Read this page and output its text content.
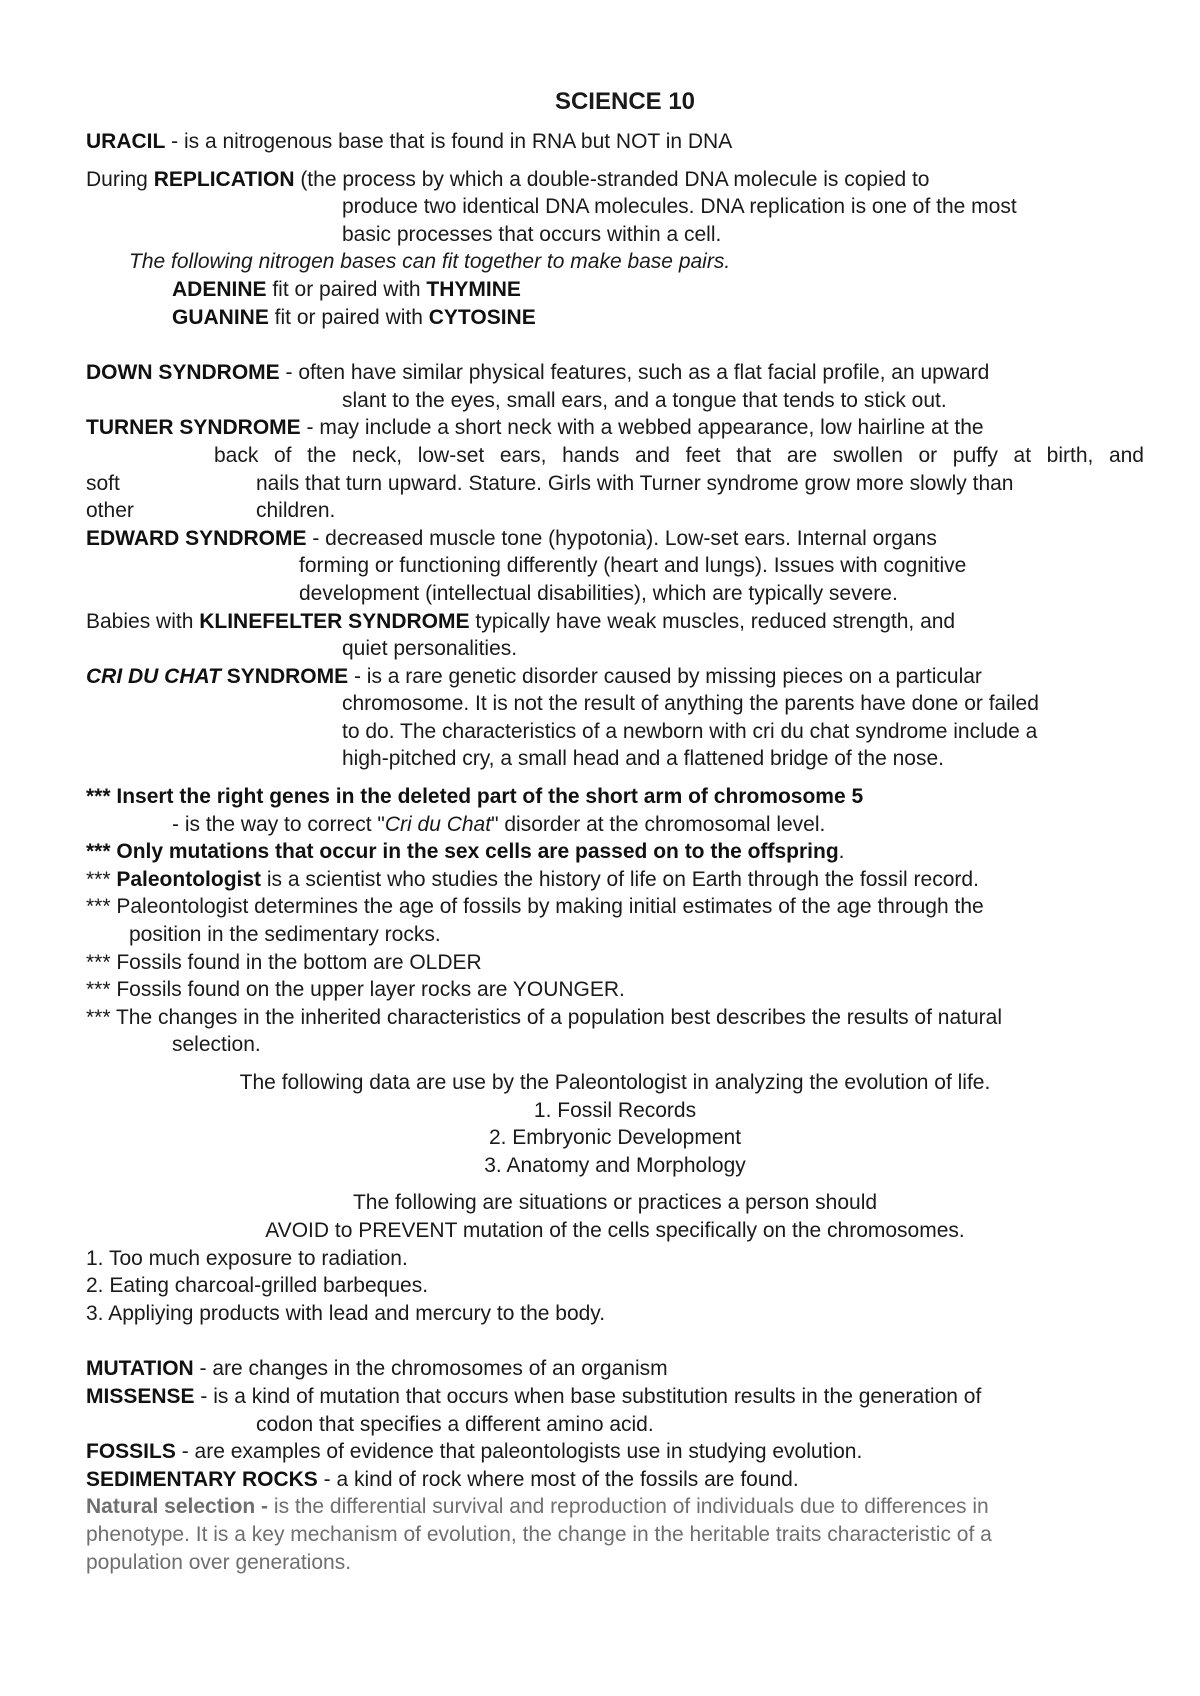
SCIENCE 10

URACIL - is a nitrogenous base that is found in RNA but NOT in DNA

During REPLICATION (the process by which a double-stranded DNA molecule is copied to

produce two identical DNA molecules. DNA replication is one of the most

basic processes that occurs within a cell.

The following nitrogen bases can fit together to make base pairs.

ADENINE fit or paired with THYMINE

GUANINE fit or paired with CYTOSINE

DOWN SYNDROME - often have similar physical features, such as a flat facial profile, an upward

slant to the eyes, small ears, and a tongue that tends to stick out.

TURNER SYNDROME - may include a short neck with a webbed appearance, low hairline at the

back of the neck, low-set ears, hands and feet that are swollen or puffy at birth, and

soft	nails that turn upward. Stature. Girls with Turner syndrome grow more slowly than
other	children.

EDWARD SYNDROME - decreased muscle tone (hypotonia). Low-set ears. Internal organs

forming or functioning differently (heart and lungs). Issues with cognitive

development (intellectual disabilities), which are typically severe.

Babies with KLINEFELTER SYNDROME typically have weak muscles, reduced strength, and

quiet personalities.

CRI DU CHAT SYNDROME - is a rare genetic disorder caused by missing pieces on a particular

chromosome. It is not the result of anything the parents have done or failed

to do. The characteristics of a newborn with cri du chat syndrome include a

high-pitched cry, a small head and a flattened bridge of the nose.

*** Insert the right genes in the deleted part of the short arm of chromosome 5

- is the way to correct "Cri du Chat" disorder at the chromosomal level.

*** Only mutations that occur in the sex cells are passed on to the offspring.

*** Paleontologist is a scientist who studies the history of life on Earth through the fossil record.

*** Paleontologist determines the age of fossils by making initial estimates of the age through the

position in the sedimentary rocks.

*** Fossils found in the bottom are OLDER

*** Fossils found on the upper layer rocks are YOUNGER.

*** The changes in the inherited characteristics of a population best describes the results of natural

selection.

The following data are use by the Paleontologist in analyzing the evolution of life.

1. Fossil Records

2. Embryonic Development

3. Anatomy and Morphology

The following are situations or practices a person should

AVOID to PREVENT mutation of the cells specifically on the chromosomes.

1. Too much exposure to radiation.

2. Eating charcoal-grilled barbeques.

3. Appliying products with lead and mercury to the body.

MUTATION - are changes in the chromosomes of an organism

MISSENSE - is a kind of mutation that occurs when base substitution results in the generation of

codon that specifies a different amino acid.

FOSSILS - are examples of evidence that paleontologists use in studying evolution.

SEDIMENTARY ROCKS - a kind of rock where most of the fossils are found.

Natural selection - is the differential survival and reproduction of individuals due to differences in

phenotype. It is a key mechanism of evolution, the change in the heritable traits characteristic of a

population over generations.
